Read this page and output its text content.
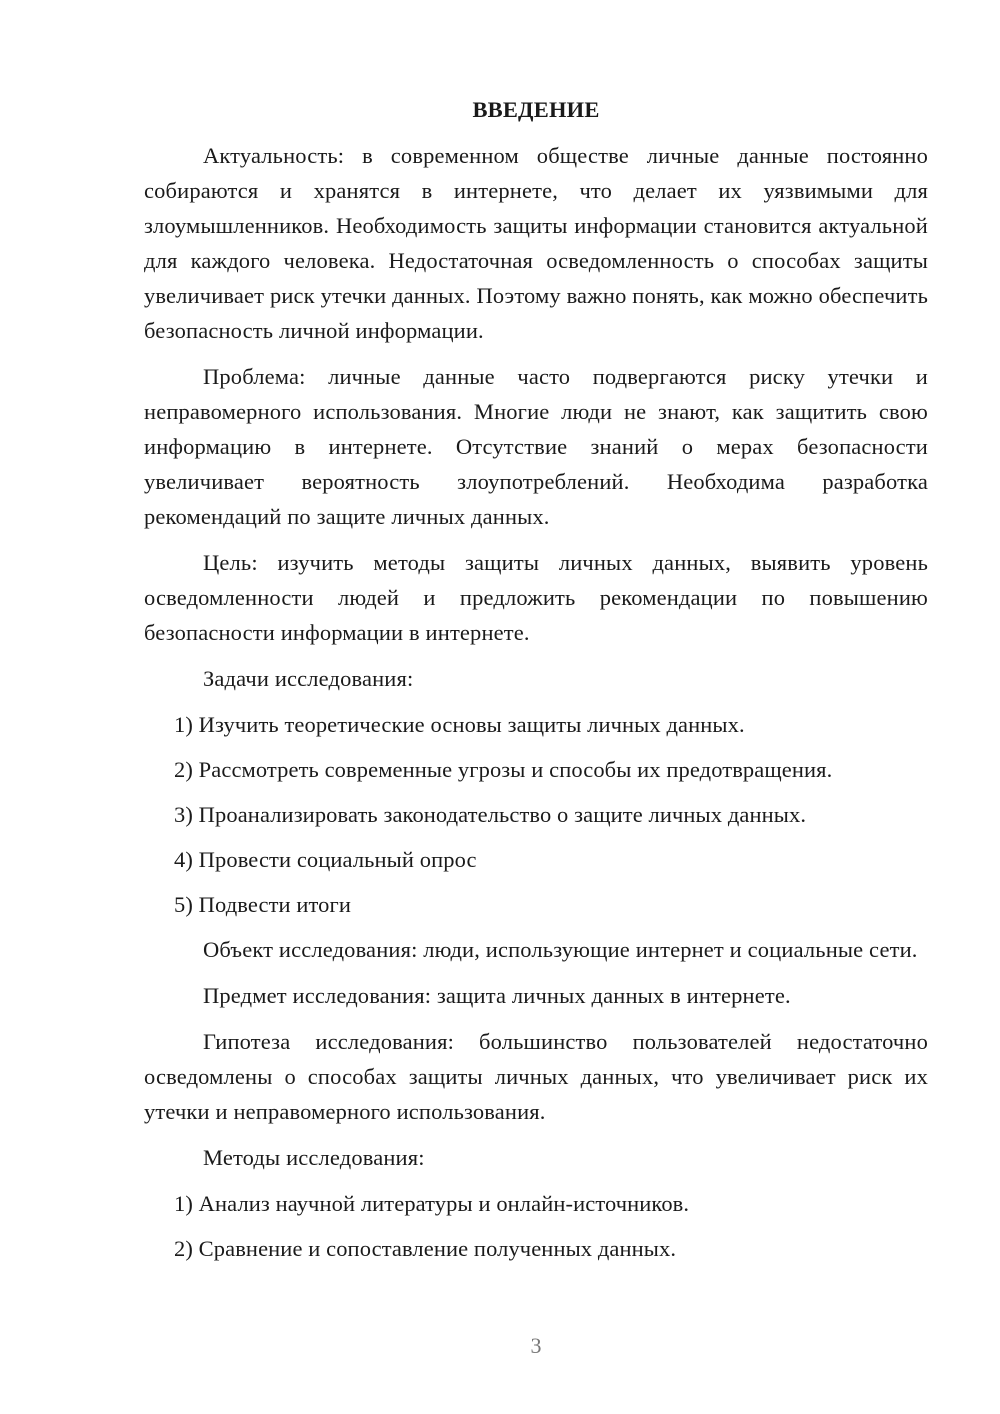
ВВЕДЕНИЕ
Актуальность: в современном обществе личные данные постоянно собираются и хранятся в интернете, что делает их уязвимыми для злоумышленников. Необходимость защиты информации становится актуальной для каждого человека. Недостаточная осведомленность о способах защиты увеличивает риск утечки данных. Поэтому важно понять, как можно обеспечить безопасность личной информации.
Проблема: личные данные часто подвергаются риску утечки и неправомерного использования. Многие люди не знают, как защитить свою информацию в интернете. Отсутствие знаний о мерах безопасности увеличивает вероятность злоупотреблений. Необходима разработка рекомендаций по защите личных данных.
Цель: изучить методы защиты личных данных, выявить уровень осведомленности людей и предложить рекомендации по повышению безопасности информации в интернете.
Задачи исследования:
1) Изучить теоретические основы защиты личных данных.
2) Рассмотреть современные угрозы и способы их предотвращения.
3) Проанализировать законодательство о защите личных данных.
4) Провести социальный опрос
5) Подвести итоги
Объект исследования: люди, использующие интернет и социальные сети.
Предмет исследования: защита личных данных в интернете.
Гипотеза исследования: большинство пользователей недостаточно осведомлены о способах защиты личных данных, что увеличивает риск их утечки и неправомерного использования.
Методы исследования:
1) Анализ научной литературы и онлайн-источников.
2) Сравнение и сопоставление полученных данных.
3
